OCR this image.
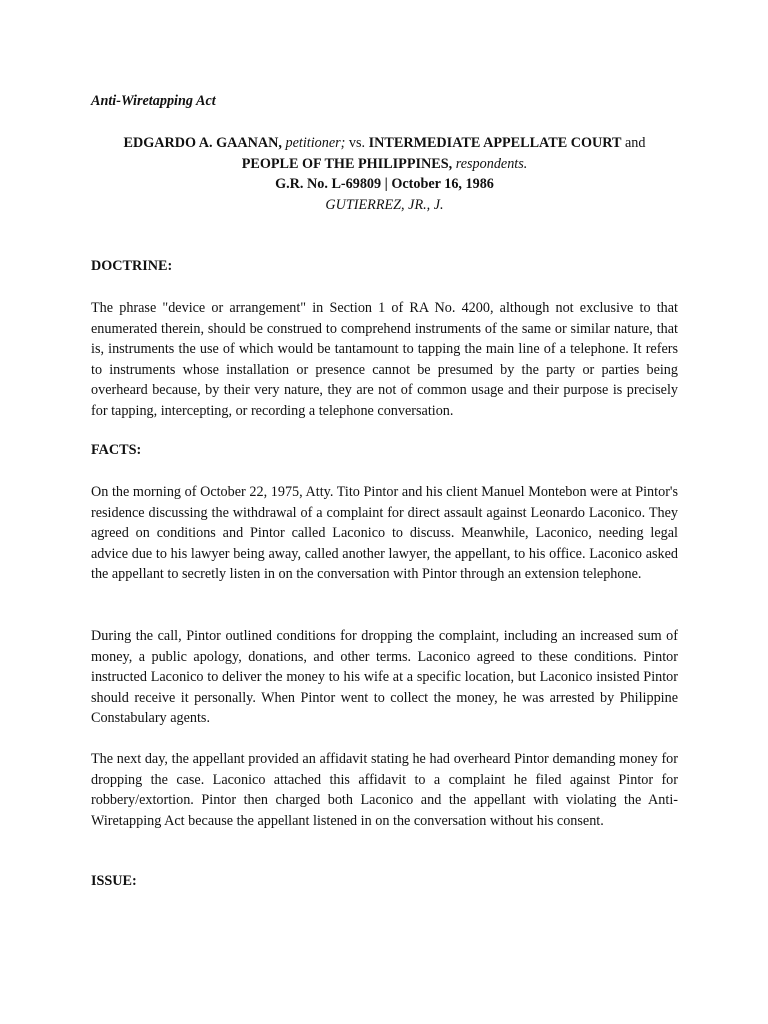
Anti-Wiretapping Act

EDGARDO A. GAANAN, petitioner; vs. INTERMEDIATE APPELLATE COURT and
PEOPLE OF THE PHILIPPINES, respondents.
G.R. No. L-69809 | October 16, 1986
GUTIERREZ, JR., J.

DOCTRINE:

The phrase "device or arrangement" in Section 1 of RA No. 4200, although not exclusive to that enumerated therein, should be construed to comprehend instruments of the same or similar nature, that is, instruments the use of which would be tantamount to tapping the main line of a telephone. It refers to instruments whose installation or presence cannot be presumed by the party or parties being overheard because, by their very nature, they are not of common usage and their purpose is precisely for tapping, intercepting, or recording a telephone conversation.

FACTS:

On the morning of October 22, 1975, Atty. Tito Pintor and his client Manuel Montebon were at Pintor's residence discussing the withdrawal of a complaint for direct assault against Leonardo Laconico. They agreed on conditions and Pintor called Laconico to discuss. Meanwhile, Laconico, needing legal advice due to his lawyer being away, called another lawyer, the appellant, to his office. Laconico asked the appellant to secretly listen in on the conversation with Pintor through an extension telephone.

During the call, Pintor outlined conditions for dropping the complaint, including an increased sum of money, a public apology, donations, and other terms. Laconico agreed to these conditions. Pintor instructed Laconico to deliver the money to his wife at a specific location, but Laconico insisted Pintor should receive it personally. When Pintor went to collect the money, he was arrested by Philippine Constabulary agents.

The next day, the appellant provided an affidavit stating he had overheard Pintor demanding money for dropping the case. Laconico attached this affidavit to a complaint he filed against Pintor for robbery/extortion. Pintor then charged both Laconico and the appellant with violating the Anti-Wiretapping Act because the appellant listened in on the conversation without his consent.

ISSUE:
